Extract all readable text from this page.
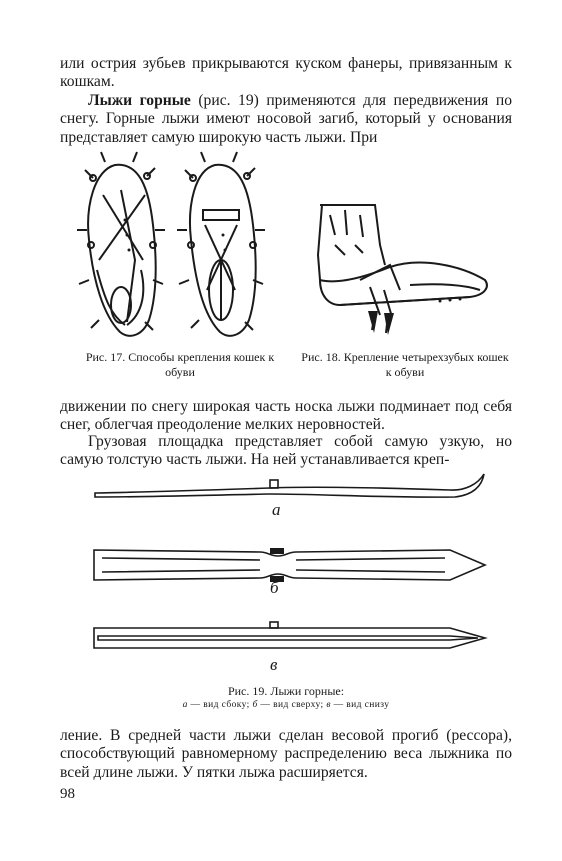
или острия зубьев прикрываются куском фанеры, привязанным к кошкам.

Лыжи горные (рис. 19) применяются для передвижения по снегу. Горные лыжи имеют носовой загиб, который у основания представляет самую широкую часть лыжи. При

Рис. 17. Способы крепления кошек к обуви
Рис. 18. Крепление четырехзубых кошек к обуви

движении по снегу широкая часть носка лыжи подминает под себя снег, облегчая преодоление мелких неровностей.

Грузовая площадка представляет собой самую узкую, но самую толстую часть лыжи. На ней устанавливается креп-

а
б
в
Рис. 19. Лыжи горные:
а — вид сбоку; б — вид сверху; в — вид снизу

ление. В средней части лыжи сделан весовой прогиб (рессора), способствующий равномерному распределению веса лыжника по всей длине лыжи. У пятки лыжа расширяется.

98
